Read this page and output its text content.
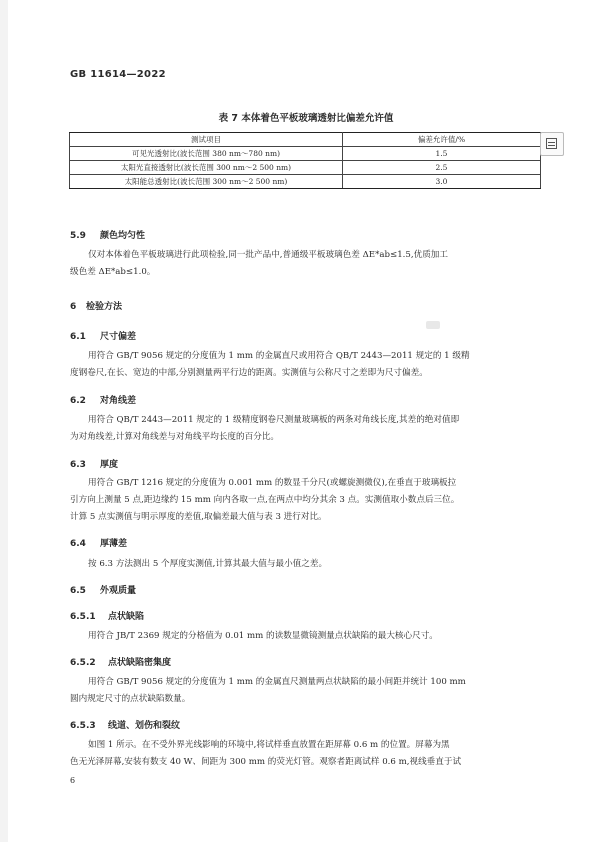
GB 11614—2022
表 7 本体着色平板玻璃透射比偏差允许值
测试项目	偏差允许值/%
可见光透射比(波长范围 380 nm～780 nm)	1.5
太阳光直接透射比(波长范围 300 nm～2 500 nm)	2.5
太阳能总透射比(波长范围 300 nm～2 500 nm)	3.0
5.9 颜色均匀性
仅对本体着色平板玻璃进行此项检验,同一批产品中,普通级平板玻璃色差 ΔE*ab≤1.5,优质加工
级色差 ΔE*ab≤1.0。
6 检验方法
6.1 尺寸偏差
用符合 GB/T 9056 规定的分度值为 1 mm 的金属直尺或用符合 QB/T 2443—2011 规定的 1 级精
度钢卷尺,在长、宽边的中部,分别测量两平行边的距离。实测值与公称尺寸之差即为尺寸偏差。
6.2 对角线差
用符合 QB/T 2443—2011 规定的 1 级精度钢卷尺测量玻璃板的两条对角线长度,其差的绝对值即
为对角线差,计算对角线差与对角线平均长度的百分比。
6.3 厚度
用符合 GB/T 1216 规定的分度值为 0.001 mm 的数显千分尺(或螺旋测微仪),在垂直于玻璃板拉
引方向上测量 5 点,距边缘约 15 mm 向内各取一点,在两点中均分其余 3 点。实测值取小数点后三位。
计算 5 点实测值与明示厚度的差值,取偏差最大值与表 3 进行对比。
6.4 厚薄差
按 6.3 方法测出 5 个厚度实测值,计算其最大值与最小值之差。
6.5 外观质量
6.5.1 点状缺陷
用符合 JB/T 2369 规定的分格值为 0.01 mm 的读数显微镜测量点状缺陷的最大核心尺寸。
6.5.2 点状缺陷密集度
用符合 GB/T 9056 规定的分度值为 1 mm 的金属直尺测量两点状缺陷的最小间距并统计 100 mm
圆内规定尺寸的点状缺陷数量。
6.5.3 线道、划伤和裂纹
如图 1 所示。在不受外界光线影响的环境中,将试样垂直放置在距屏幕 0.6 m 的位置。屏幕为黑
色无光泽屏幕,安装有数支 40 W、间距为 300 mm 的荧光灯管。观察者距离试样 0.6 m,视线垂直于试
6
